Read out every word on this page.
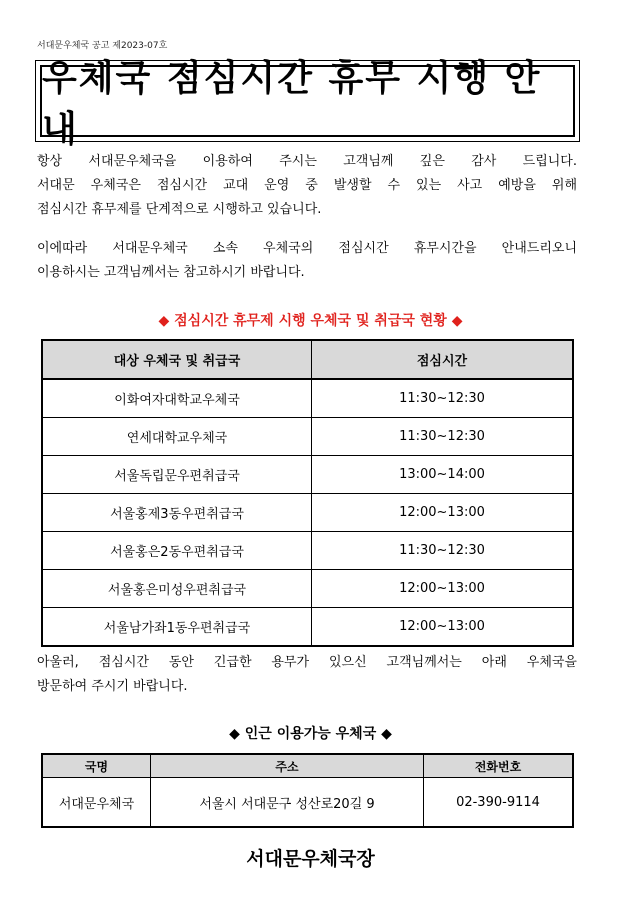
서대문우체국 공고 제2023-07호
우체국 점심시간 휴무 시행 안내
항상 서대문우체국을 이용하여 주시는 고객님께 깊은 감사 드립니다.
서대문 우체국은 점심시간 교대 운영 중 발생할 수 있는 사고 예방을 위해
점심시간 휴무제를 단계적으로 시행하고 있습니다.
이에따라 서대문우체국 소속 우체국의 점심시간 휴무시간을 안내드리오니
이용하시는 고객님께서는 참고하시기 바랍니다.
◆ 점심시간 휴무제 시행 우체국 및 취급국 현황 ◆
대상 우체국 및 취급국	점심시간
이화여자대학교우체국	11:30~12:30
연세대학교우체국	11:30~12:30
서울독립문우편취급국	13:00~14:00
서울홍제3동우편취급국	12:00~13:00
서울홍은2동우편취급국	11:30~12:30
서울홍은미성우편취급국	12:00~13:00
서울남가좌1동우편취급국	12:00~13:00
아울러, 점심시간 동안 긴급한 용무가 있으신 고객님께서는 아래 우체국을
방문하여 주시기 바랍니다.
◆ 인근 이용가능 우체국 ◆
국명	주소	전화번호
서대문우체국	서울시 서대문구 성산로20길 9	02-390-9114
서대문우체국장
